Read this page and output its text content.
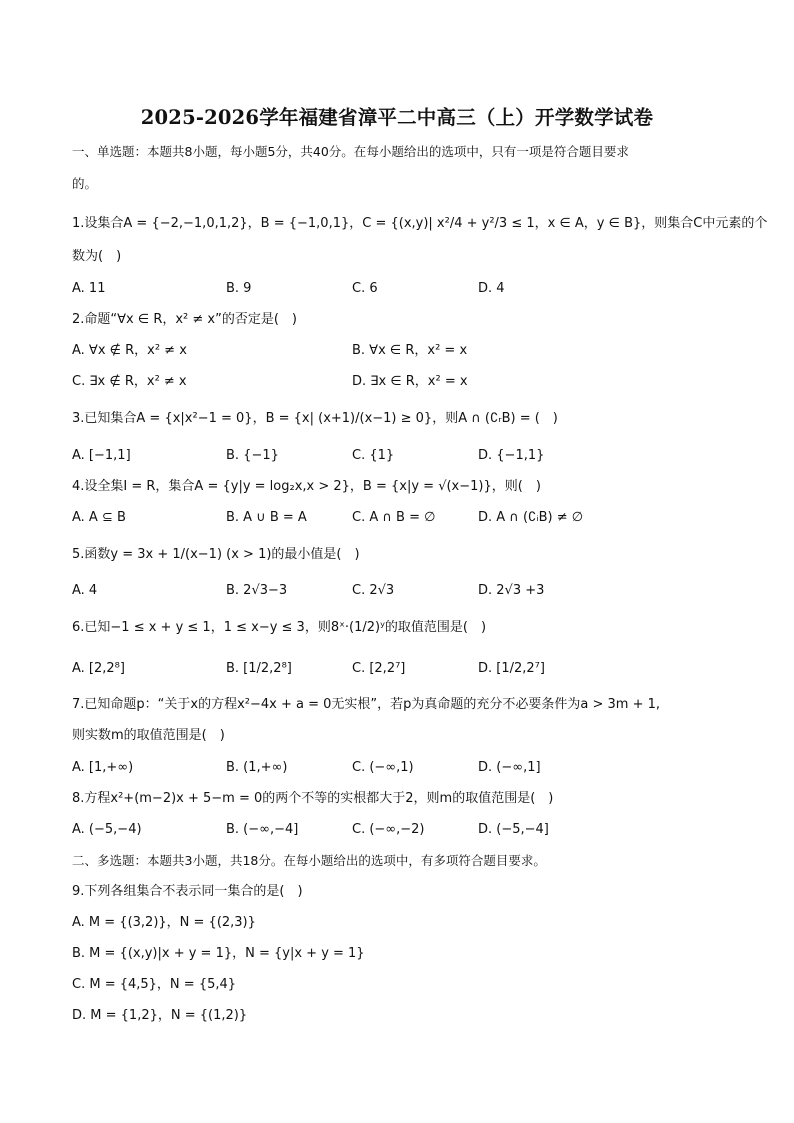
2025-2026学年福建省漳平二中高三（上）开学数学试卷
一、单选题：本题共8小题，每小题5分，共40分。在每小题给出的选项中，只有一项是符合题目要求
的。
1.设集合A = {−2,−1,0,1,2}，B = {−1,0,1}，C = {(x,y)| x²/4 + y²/3 ≤ 1，x ∈ A，y ∈ B}，则集合C中元素的个
数为(　)
A. 11	B. 9	C. 6	D. 4
2.命题“∀x ∈ R，x² ≠ x”的否定是(　)
A. ∀x ∉ R，x² ≠ x	B. ∀x ∈ R，x² = x
C. ∃x ∉ R，x² ≠ x	D. ∃x ∈ R，x² = x
3.已知集合A = {x|x²−1 = 0}，B = {x| (x+1)/(x−1) ≥ 0}，则A ∩ (∁ᵣB) = (　)
A. [−1,1]	B. {−1}	C. {1}	D. {−1,1}
4.设全集I = R，集合A = {y|y = log₂x,x > 2}，B = {x|y = √(x−1)}，则(　)
A. A ⊆ B	B. A ∪ B = A	C. A ∩ B = ∅	D. A ∩ (∁ᵢB) ≠ ∅
5.函数y = 3x + 1/(x−1) (x > 1)的最小值是(　)
A. 4	B. 2√3−3	C. 2√3	D. 2√3 +3
6.已知−1 ≤ x + y ≤ 1，1 ≤ x−y ≤ 3，则8ˣ·(1/2)ʸ的取值范围是(　)
A. [2,2⁸]	B. [1/2,2⁸]	C. [2,2⁷]	D. [1/2,2⁷]
7.已知命题p：“关于x的方程x²−4x + a = 0无实根”，若p为真命题的充分不必要条件为a > 3m + 1,
则实数m的取值范围是(　)
A. [1,+∞)	B. (1,+∞)	C. (−∞,1)	D. (−∞,1]
8.方程x²+(m−2)x + 5−m = 0的两个不等的实根都大于2，则m的取值范围是(　)
A. (−5,−4)	B. (−∞,−4]	C. (−∞,−2)	D. (−5,−4]
二、多选题：本题共3小题，共18分。在每小题给出的选项中，有多项符合题目要求。
9.下列各组集合不表示同一集合的是(　)
A. M = {(3,2)}，N = {(2,3)}
B. M = {(x,y)|x + y = 1}，N = {y|x + y = 1}
C. M = {4,5}，N = {5,4}
D. M = {1,2}，N = {(1,2)}
